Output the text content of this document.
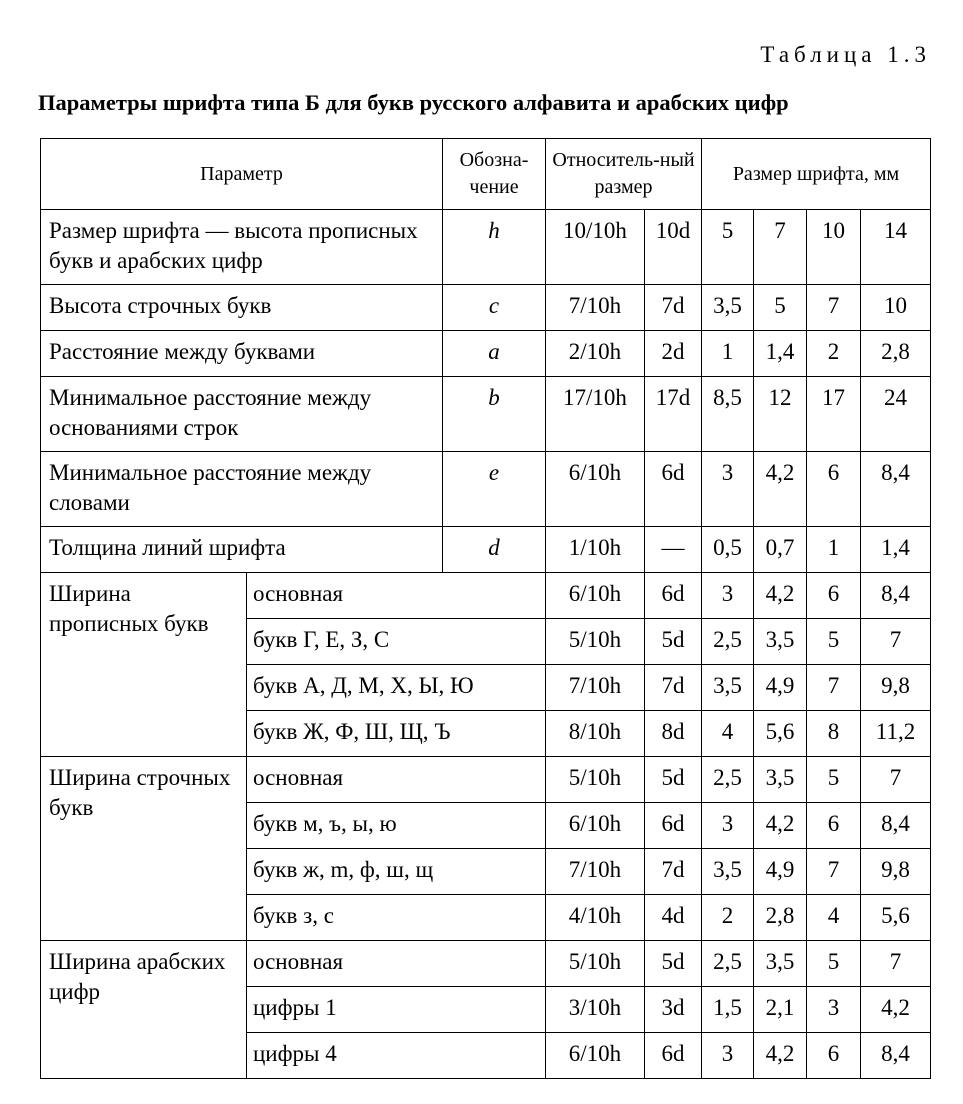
Таблица 1.3
Параметры шрифта типа Б для букв русского алфавита и арабских цифр
Параметр		Обозна-чение	Относитель-ный размер		Размер шрифта, мм			
Размер шрифта — высота прописных букв и арабских цифр		h	10/10h	10d	5	7	10	14
Высота строчных букв		c	7/10h	7d	3,5	5	7	10
Расстояние между буквами		a	2/10h	2d	1	1,4	2	2,8
Минимальное расстояние между основаниями строк		b	17/10h	17d	8,5	12	17	24
Минимальное расстояние между словами		e	6/10h	6d	3	4,2	6	8,4
Толщина линий шрифта		d	1/10h	—	0,5	0,7	1	1,4
Ширина прописных букв	основная		6/10h	6d	3	4,2	6	8,4
	букв Г, Е, З, С		5/10h	5d	2,5	3,5	5	7
	букв А, Д, М, Х, Ы, Ю		7/10h	7d	3,5	4,9	7	9,8
	букв Ж, Ф, Ш, Щ, Ъ		8/10h	8d	4	5,6	8	11,2
Ширина строчных букв	основная		5/10h	5d	2,5	3,5	5	7
	букв м, ъ, ы, ю		6/10h	6d	3	4,2	6	8,4
	букв ж, m, ф, ш, щ		7/10h	7d	3,5	4,9	7	9,8
	букв з, с		4/10h	4d	2	2,8	4	5,6
Ширина арабских цифр	основная		5/10h	5d	2,5	3,5	5	7
	цифры 1		3/10h	3d	1,5	2,1	3	4,2
	цифры 4		6/10h	6d	3	4,2	6	8,4
